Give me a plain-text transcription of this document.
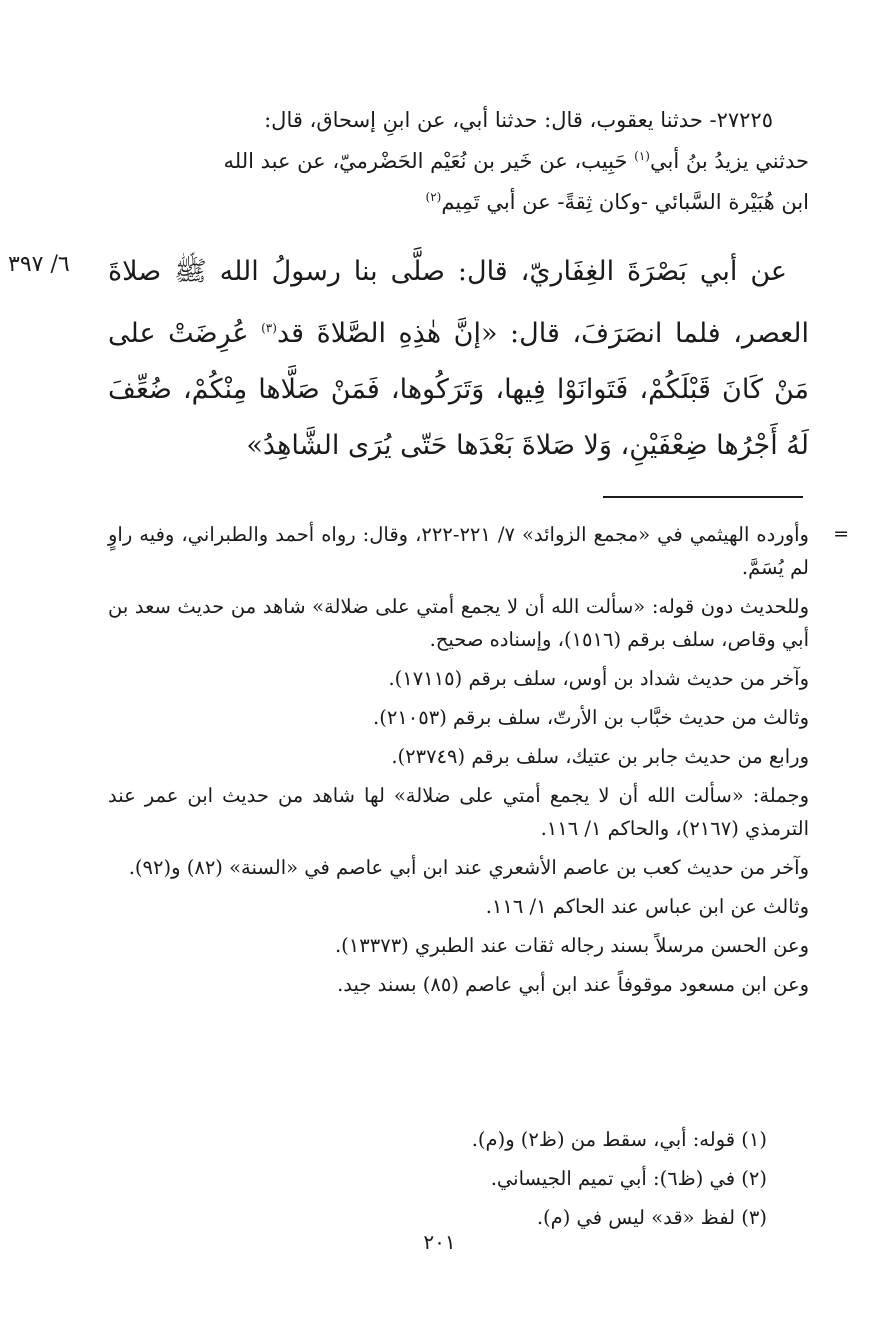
٢٧٢٢٥- حدثنا يعقوب، قال: حدثنا أبي، عن ابنِ إسحاق، قال:

حدثني يزيدُ بنُ أبي$^{(١)}$ حَبِيب، عن خَير بن نُعَيْم الحَضْرميّ، عن عبد الله

ابن هُبَيْرة السَّبائي -وكان ثِقةً- عن أبي تَمِيم$^{(٢)}$

٦/ ٣٩٧	عن أبي بَصْرَةَ الغِفَاريّ، قال: صلَّى بنا رسولُ الله ﷺ صلاةَ العصر، فلما انصَرَفَ، قال: «إنَّ هٰذِهِ الصَّلاةَ قد$^{(٣)}$ عُرِضَتْ على مَنْ كَانَ قَبْلَكُمْ، فَتَوانَوْا فِيها، وَتَرَكُوها، فَمَنْ صَلَّاها مِنْكُمْ، ضُعِّفَ لَهُ أَجْرُها ضِعْفَيْنِ، وَلا صَلاةَ بَعْدَها حَتّى يُرَى الشَّاهِدُ»

=

وأورده الهيثمي في «مجمع الزوائد» ٧/ ٢٢١-٢٢٢، وقال: رواه أحمد والطبراني، وفيه راوٍ لم يُسَمَّ.

وللحديث دون قوله: «سألت الله أن لا يجمع أمتي على ضلالة» شاهد من حديث سعد بن أبي وقاص، سلف برقم (١٥١٦)، وإسناده صحيح.

وآخر من حديث شداد بن أوس، سلف برقم (١٧١١٥).

وثالث من حديث خبَّاب بن الأرتّ، سلف برقم (٢١٠٥٣).

ورابع من حديث جابر بن عتيك، سلف برقم (٢٣٧٤٩).

وجملة: «سألت الله أن لا يجمع أمتي على ضلالة» لها شاهد من حديث ابن عمر عند الترمذي (٢١٦٧)، والحاكم ١/ ١١٦.

وآخر من حديث كعب بن عاصم الأشعري عند ابن أبي عاصم في «السنة» (٨٢) و(٩٢).

وثالث عن ابن عباس عند الحاكم ١/ ١١٦.

وعن الحسن مرسلاً بسند رجاله ثقات عند الطبري (١٣٣٧٣).

وعن ابن مسعود موقوفاً عند ابن أبي عاصم (٨٥) بسند جيد.

(١) قوله: أبي، سقط من (ظ٢) و(م).

(٢) في (ظ٦): أبي تميم الجيساني.

(٣) لفظ «قد» ليس في (م).

٢٠١
